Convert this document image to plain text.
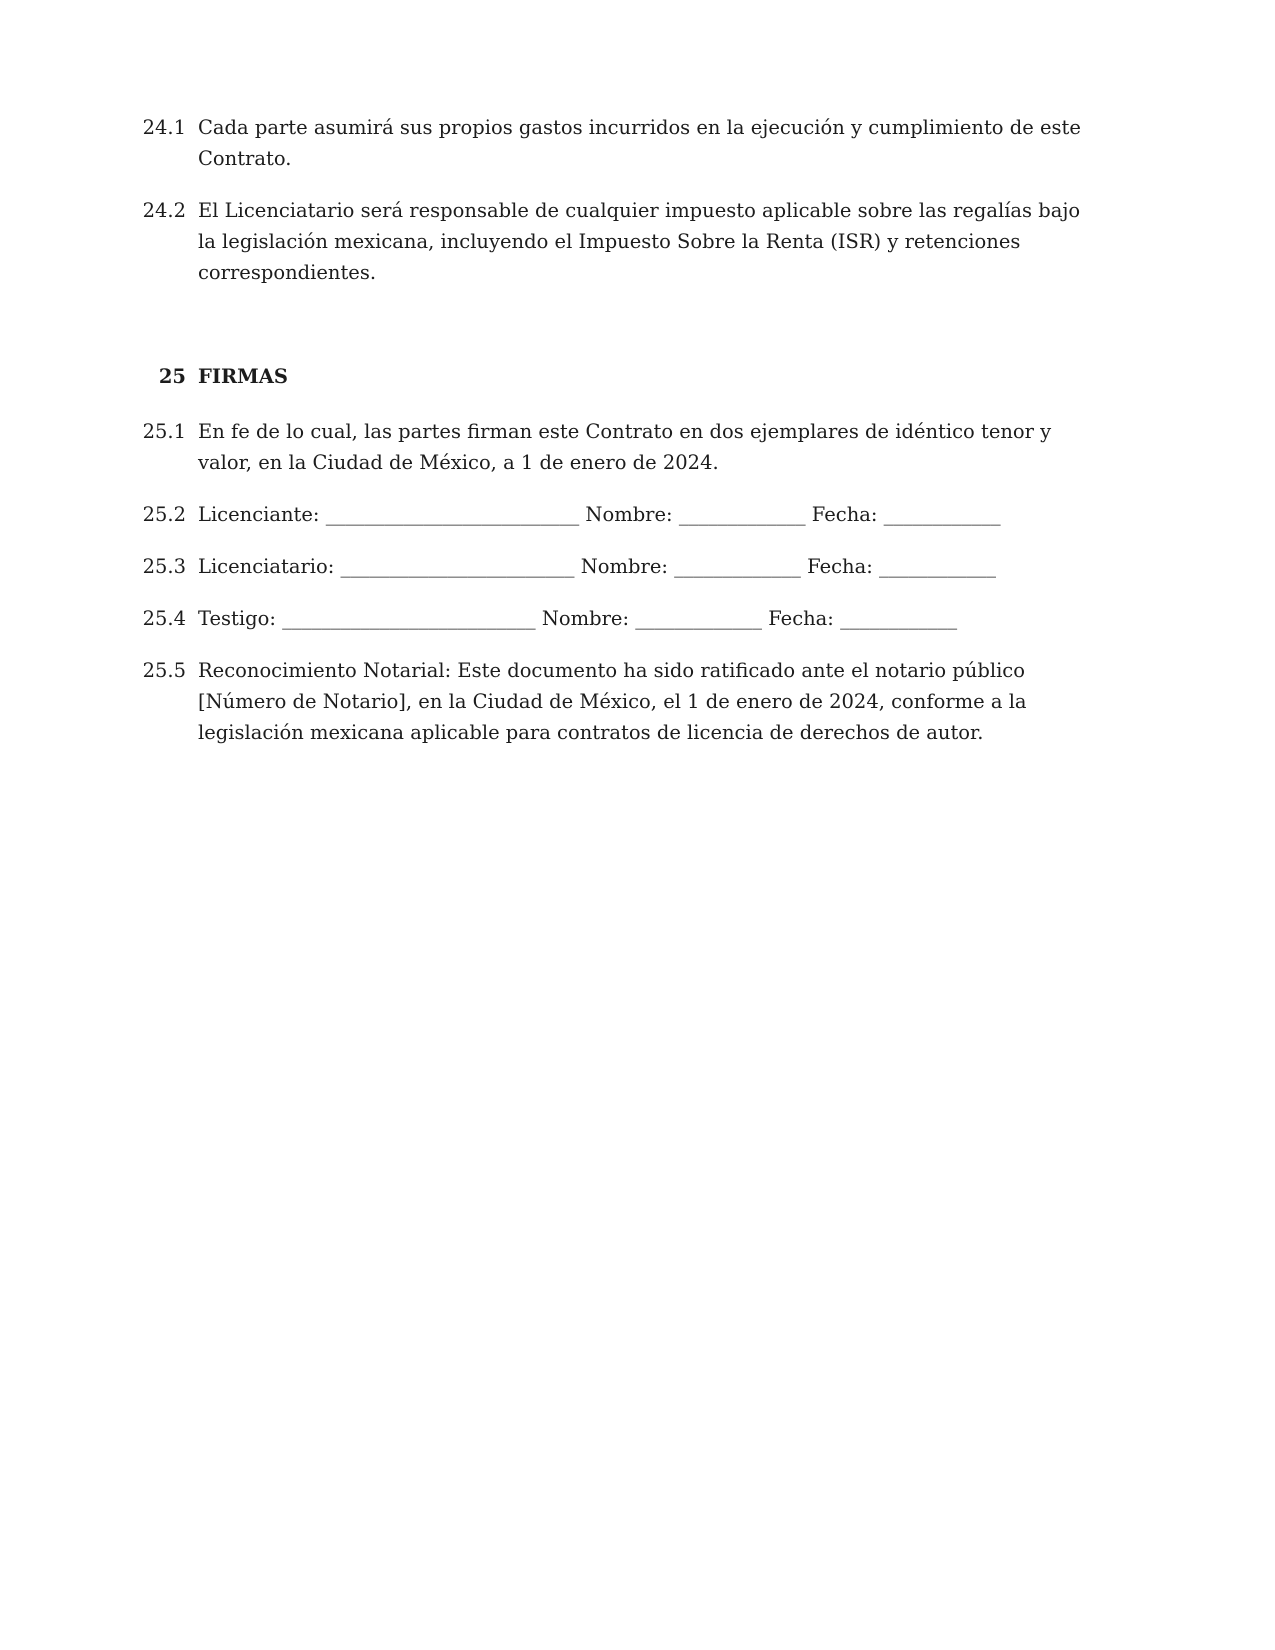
24.1 Cada parte asumirá sus propios gastos incurridos en la ejecución y cumplimiento de este Contrato.
24.2 El Licenciatario será responsable de cualquier impuesto aplicable sobre las regalías bajo la legislación mexicana, incluyendo el Impuesto Sobre la Renta (ISR) y retenciones correspondientes.
25 FIRMAS
25.1 En fe de lo cual, las partes firman este Contrato en dos ejemplares de idéntico tenor y valor, en la Ciudad de México, a 1 de enero de 2024.
25.2 Licenciante: __________________________ Nombre: _____________ Fecha: ____________
25.3 Licenciatario: ________________________ Nombre: _____________ Fecha: ____________
25.4 Testigo: __________________________ Nombre: _____________ Fecha: ____________
25.5 Reconocimiento Notarial: Este documento ha sido ratificado ante el notario público [Número de Notario], en la Ciudad de México, el 1 de enero de 2024, conforme a la legislación mexicana aplicable para contratos de licencia de derechos de autor.
